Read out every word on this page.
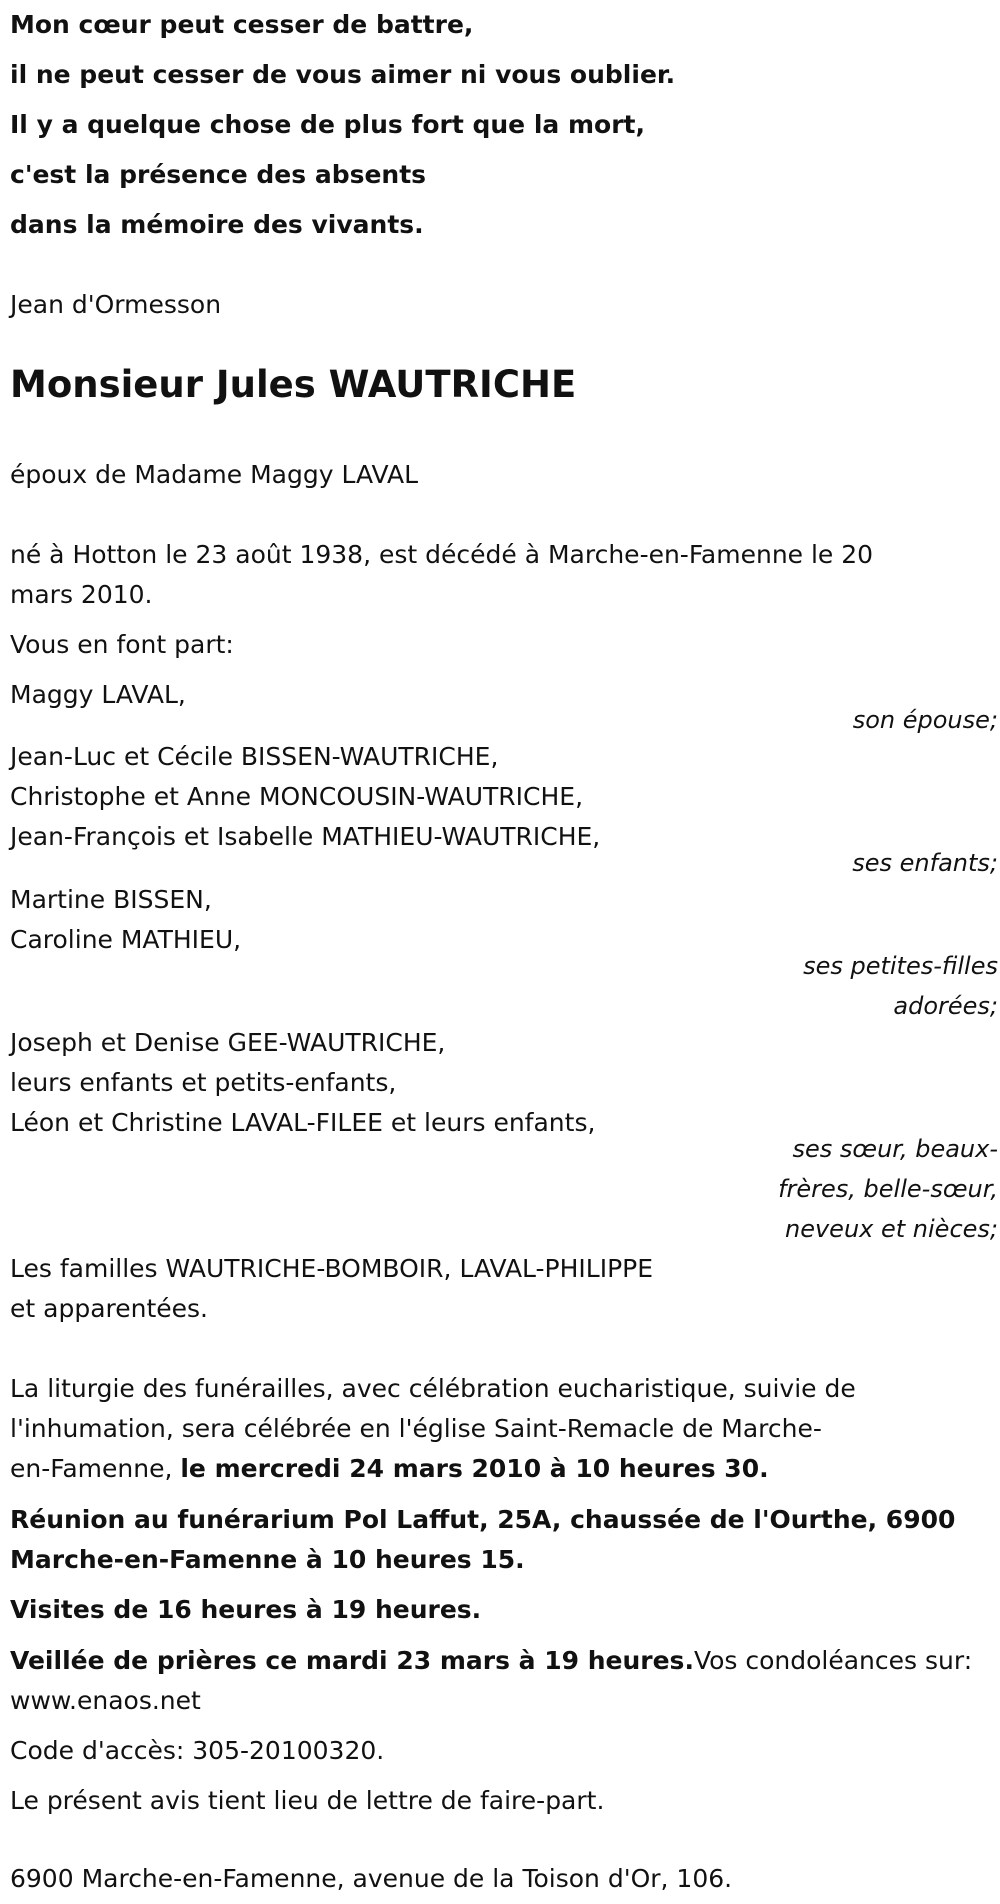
Mon cœur peut cesser de battre,
il ne peut cesser de vous aimer ni vous oublier.
Il y a quelque chose de plus fort que la mort,
c'est la présence des absents
dans la mémoire des vivants.
Jean d'Ormesson
Monsieur Jules WAUTRICHE
époux de Madame Maggy LAVAL
né à Hotton le 23 août 1938, est décédé à Marche-en-Famenne le 20
mars 2010.
Vous en font part:
Maggy LAVAL,
son épouse;
Jean-Luc et Cécile BISSEN-WAUTRICHE,
Christophe et Anne MONCOUSIN-WAUTRICHE,
Jean-François et Isabelle MATHIEU-WAUTRICHE,
ses enfants;
Martine BISSEN,
Caroline MATHIEU,
ses petites-filles
adorées;
Joseph et Denise GEE-WAUTRICHE,
leurs enfants et petits-enfants,
Léon et Christine LAVAL-FILEE et leurs enfants,
ses sœur, beaux-
frères, belle-sœur,
neveux et nièces;
Les familles WAUTRICHE-BOMBOIR, LAVAL-PHILIPPE
et apparentées.
La liturgie des funérailles, avec célébration eucharistique, suivie de
l'inhumation, sera célébrée en l'église Saint-Remacle de Marche-
en-Famenne, le mercredi 24 mars 2010 à 10 heures 30.
Réunion au funérarium Pol Laffut, 25A, chaussée de l'Ourthe, 6900
Marche-en-Famenne à 10 heures 15.
Visites de 16 heures à 19 heures.
Veillée de prières ce mardi 23 mars à 19 heures.Vos condoléances sur:
www.enaos.net
Code d'accès: 305-20100320.
Le présent avis tient lieu de lettre de faire-part.
6900 Marche-en-Famenne, avenue de la Toison d'Or, 106.
